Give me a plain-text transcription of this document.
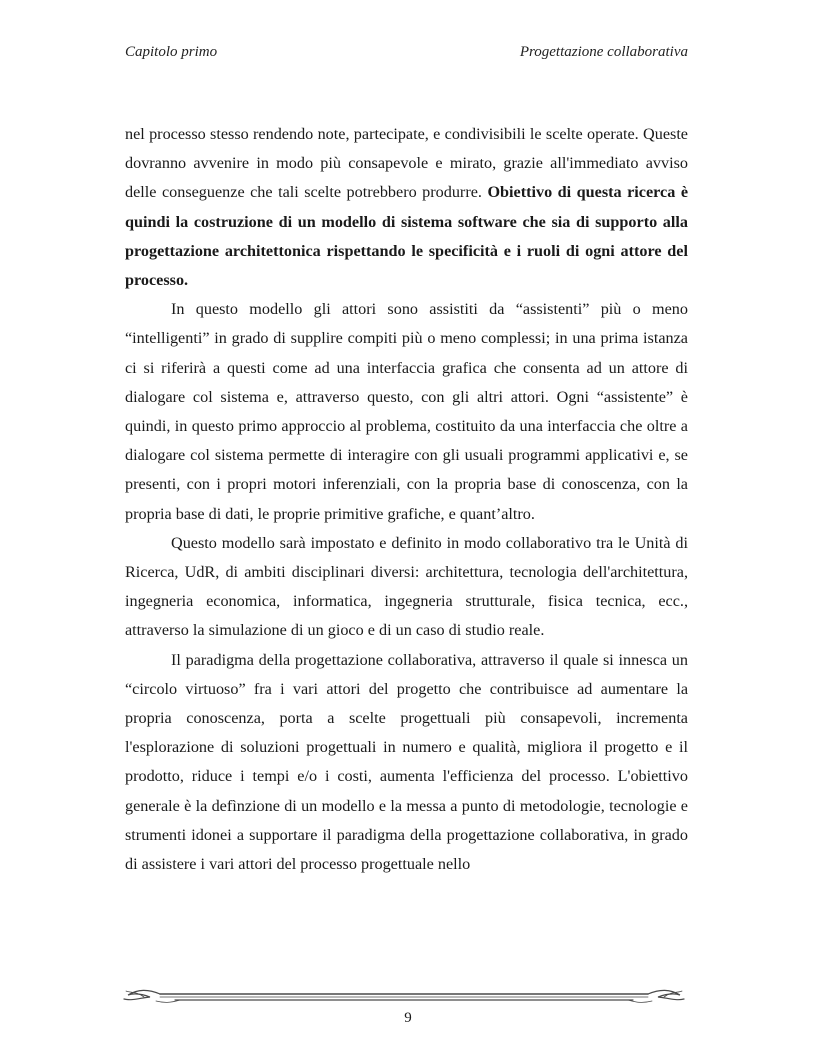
Capitolo primo	Progettazione collaborativa

nel processo stesso rendendo note, partecipate, e condivisibili le scelte operate. Queste dovranno avvenire in modo più consapevole e mirato, grazie all'immediato avviso delle conseguenze che tali scelte potrebbero produrre. Obiettivo di questa ricerca è quindi la costruzione di un modello di sistema software che sia di supporto alla progettazione architettonica rispettando le specificità e i ruoli di ogni attore del processo.

In questo modello gli attori sono assistiti da “assistenti” più o meno “intelligenti” in grado di supplire compiti più o meno complessi; in una prima istanza ci si riferirà a questi come ad una interfaccia grafica che consenta ad un attore di dialogare col sistema e, attraverso questo, con gli altri attori. Ogni “assistente” è quindi, in questo primo approccio al problema, costituito da una interfaccia che oltre a dialogare col sistema permette di interagire con gli usuali programmi applicativi e, se presenti, con i propri motori inferenziali, con la propria base di conoscenza, con la propria base di dati, le proprie primitive grafiche, e quant’altro.

Questo modello sarà impostato e definito in modo collaborativo tra le Unità di Ricerca, UdR, di ambiti disciplinari diversi: architettura, tecnologia dell'architettura, ingegneria economica, informatica, ingegneria strutturale, fisica tecnica, ecc., attraverso la simulazione di un gioco e di un caso di studio reale.

Il paradigma della progettazione collaborativa, attraverso il quale si innesca un “circolo virtuoso” fra i vari attori del progetto che contribuisce ad aumentare la propria conoscenza, porta a scelte progettuali più consapevoli, incrementa l'esplorazione di soluzioni progettuali in numero e qualità, migliora il progetto e il prodotto, riduce i tempi e/o i costi, aumenta l'efficienza del processo. L'obiettivo generale è la defìnzione di un modello e la messa a punto di metodologie, tecnologie e strumenti idonei a supportare il paradigma della progettazione collaborativa, in grado di assistere i vari attori del processo progettuale nello

9
